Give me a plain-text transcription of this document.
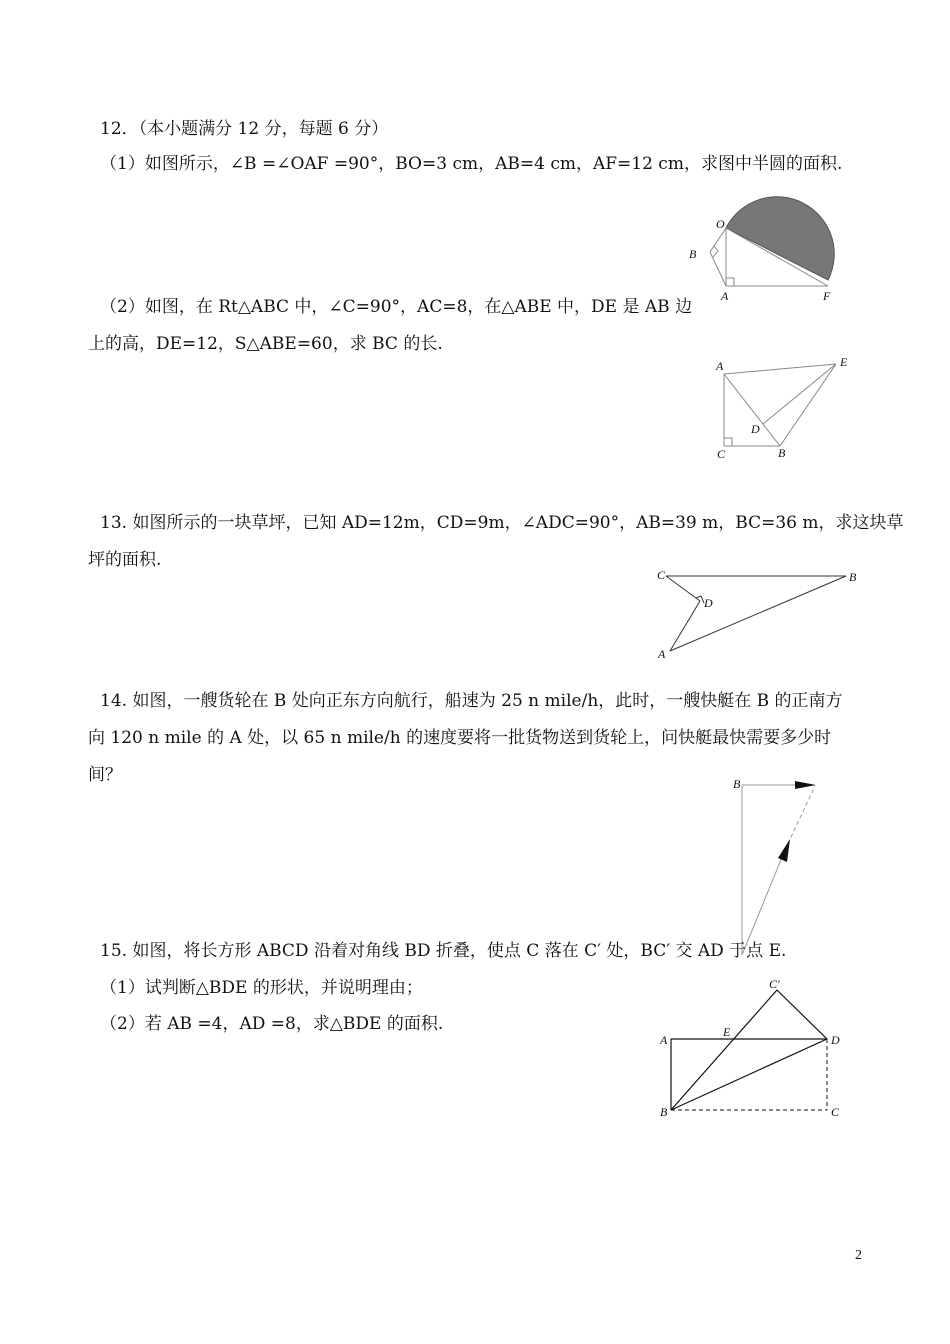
12．（本小题满分 12 分，每题 6 分）
（1）如图所示，∠B =∠OAF =90°，BO=3 cm，AB=4 cm，AF=12 cm，求图中半圆的面积.
O
B
A	F
（2）如图，在 Rt△ABC 中，∠C=90°，AC=8，在△ABE 中，DE 是 AB 边
上的高，DE=12，S△ABE=60，求 BC 的长.
A	E
D
C	B
13. 如图所示的一块草坪，已知 AD=12m，CD=9m，∠ADC=90°，AB=39 m，BC=36 m，求这块草
坪的面积.
C	B
D
A
14. 如图，一艘货轮在 B 处向正东方向航行，船速为 25 n mile/h，此时，一艘快艇在 B 的正南方
向 120 n mile 的 A 处，以 65 n mile/h 的速度要将一批货物送到货轮上，问快艇最快需要多少时
间？	B
15. 如图，将长方形 ABCD 沿着对角线 BD 折叠，使点 C 落在 C′ 处，BC′ 交 AD 于点 E.
（1）试判断△BDE 的形状，并说明理由；
（2）若 AB =4，AD =8，求△BDE 的面积.
C′
A
E
D
B	C
2
